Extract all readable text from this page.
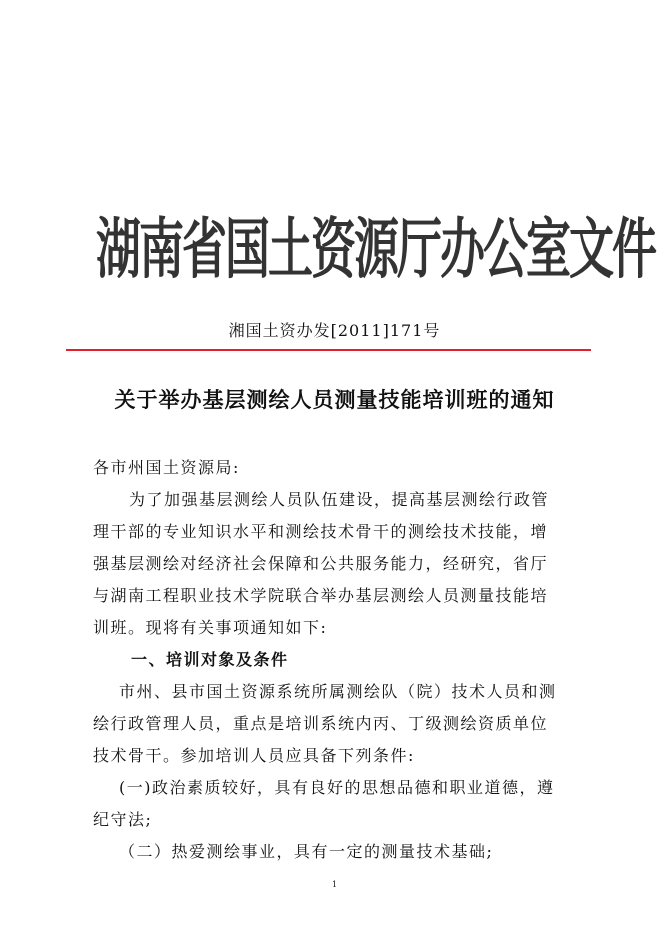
湖南省国土资源厅办公室文件
湘国土资办发[2011]171号
关于举办基层测绘人员测量技能培训班的通知
各市州国土资源局:
为了加强基层测绘人员队伍建设，提高基层测绘行政管
理干部的专业知识水平和测绘技术骨干的测绘技术技能，增
强基层测绘对经济社会保障和公共服务能力，经研究，省厅
与湖南工程职业技术学院联合举办基层测绘人员测量技能培
训班。现将有关事项通知如下:
一、培训对象及条件
市州、县市国土资源系统所属测绘队（院）技术人员和测
绘行政管理人员，重点是培训系统内丙、丁级测绘资质单位
技术骨干。参加培训人员应具备下列条件:
(一)政治素质较好，具有良好的思想品德和职业道德，遵
纪守法;
（二）热爱测绘事业，具有一定的测量技术基础;
1
